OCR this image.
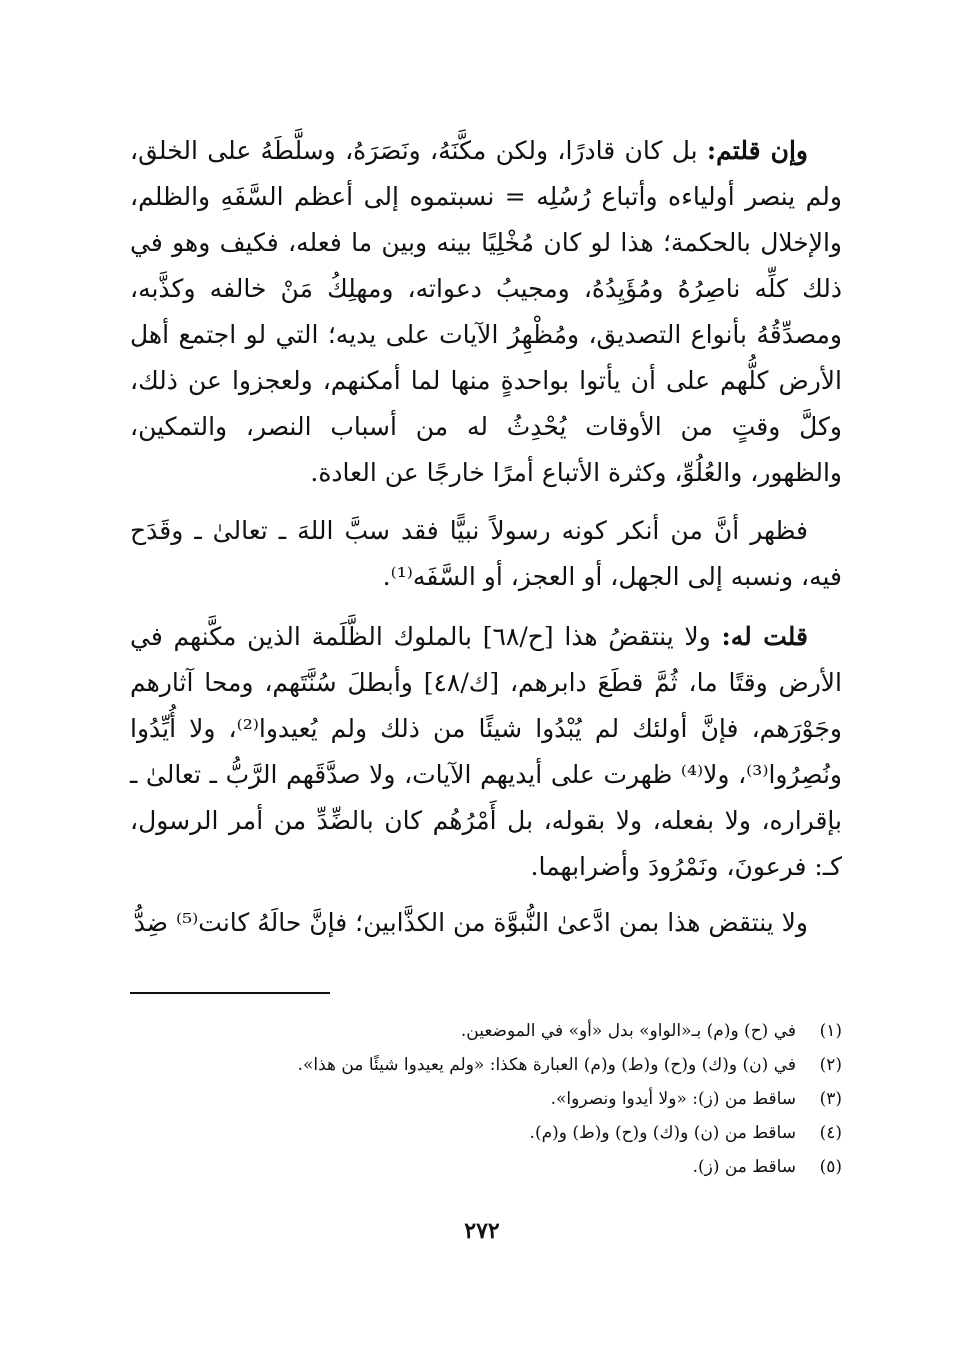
وإن قلتم: بل كان قادرًا، ولكن مكَّنَهُ، ونَصَرَهُ، وسلَّطَهُ على الخلق، ولم ينصر أولياءه وأتباع رُسُلِه = نسبتموه إلى أعظم السَّفَهِ والظلم، والإخلال بالحكمة؛ هذا لو كان مُخْلِيًا بينه وبين ما فعله، فكيف وهو في ذلك كلِّه ناصِرُهُ ومُؤَيِدُهُ، ومجيبُ دعواته، ومهلِكُ مَنْ خالفه وكذَّبه، ومصدِّقُهُ بأنواع التصديق، ومُظْهِرُ الآيات على يديه؛ التي لو اجتمع أهل الأرض كلُّهم على أن يأتوا بواحدةٍ منها لما أمكنهم، ولعجزوا عن ذلك، وكلَّ وقتٍ من الأوقات يُحْدِثُ له من أسباب النصر، والتمكين، والظهور، والعُلُوِّ، وكثرة الأتباع أمرًا خارجًا عن العادة.

فظهر أنَّ من أنكر كونه رسولاً نبيًّا فقد سبَّ اللهَ ـ تعالىٰ ـ وقَدَح فيه، ونسبه إلى الجهل، أو العجز، أو السَّفَه⁽¹⁾.

قلت له: ولا ينتقضُ هذا [ح/٦٨] بالملوك الظَّلَمة الذين مكَّنهم في الأرض وقتًا ما، ثُمَّ قطَعَ دابرهم، [ك/٤٨] وأبطلَ سُنَّتَهم، ومحا آثارهم وجَوْرَهم، فإنَّ أولئك لم يُبْدُوا شيئًا من ذلك ولم يُعيدوا⁽²⁾، ولا أُيِّدُوا ونُصِرُوا⁽³⁾، ولا⁽⁴⁾ ظهرت على أيديهم الآيات، ولا صدَّقَهم الرَّبُّ ـ تعالىٰ ـ بإقراره، ولا بفعله، ولا بقوله، بل أَمْرُهُم كان بالضِّدِّ من أمر الرسول، كـ: فرعونَ، ونَمْرُودَ وأضرابهما.

ولا ينتقض هذا بمن ادَّعىٰ النُّبوَّة من الكذَّابين؛ فإنَّ حالَهُ كانت⁽⁵⁾ ضِدُّ

(١)في (ح) و(م) بـ«الواو» بدل «أو» في الموضعين.
(٢)في (ن) و(ك) و(ح) و(ط) و(م) العبارة هكذا: «ولم يعيدوا شيئًا من هذا».
(٣)ساقط من (ز): «ولا أيدوا ونصروا».
(٤)ساقط من (ن) و(ك) و(ح) و(ط) و(م).
(٥)ساقط من (ز).
٢٧٢
